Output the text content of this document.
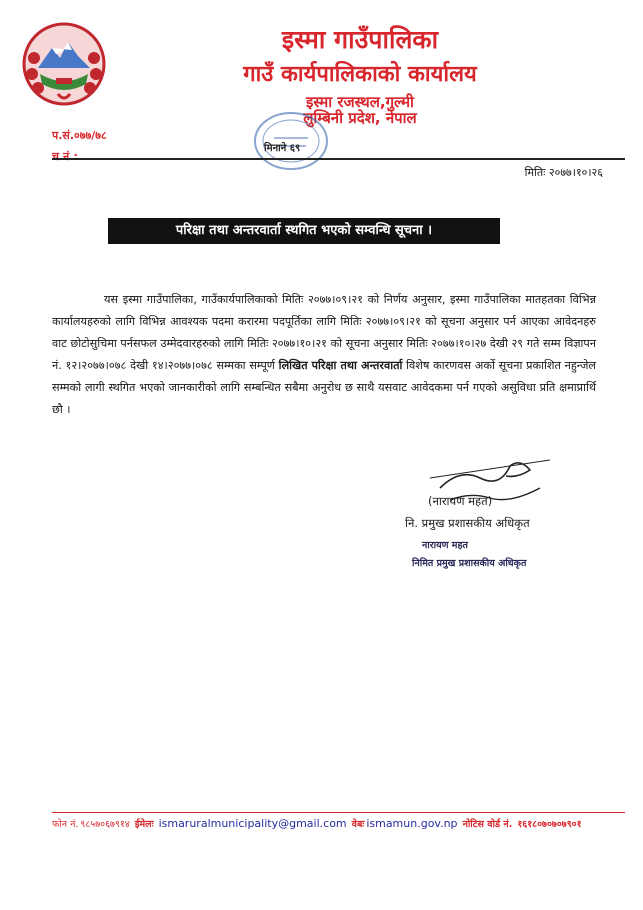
इस्मा गाउँपालिका
गाउँ कार्यपालिकाको कार्यालय
इस्मा रजस्थल,गुल्मी
लुम्बिनी प्रदेश, नेपाल
प.सं.०७७/७८
च.नं.:
मिनाने ६९
मितिः २०७७।१०।२६
परिक्षा तथा अन्तरवार्ता स्थगित भएको सम्वन्धि सूचना ।

यस इस्मा गाउँपालिका, गाउँकार्यपालिकाको मितिः २०७७।०९।२१ को निर्णय अनुसार, इस्मा गाउँपालिका मातहतका विभिन्न कार्यालयहरुको लागि विभिन्न आवश्यक पदमा करारमा पदपूर्तिका लागि मितिः २०७७।०९।२१ को सूचना अनुसार पर्न आएका आवेदनहरु वाट छोटोसुचिमा पर्नसफल उम्मेदवारहरुको लागि मितिः २०७७।१०।२१ को सूचना अनुसार मितिः २०७७।१०।२७ देखी २९ गते सम्म विज्ञापन नं. १२।२०७७।०७८ देखी १४।२०७७।०७८ सम्मका सम्पूर्ण लिखित परिक्षा तथा अन्तरवार्ता विशेष कारणवस अर्को सूचना प्रकाशित नहुन्जेल सम्मको लागी स्थगित भएको जानकारीको लागि सम्बन्धित सबैमा अनुरोध छ साथै यसवाट आवेदकमा पर्न गएको असुविधा प्रति क्षमाप्रार्थि छौ ।

(नारायण महत)
नि. प्रमुख प्रशासकीय अधिकृत
नारायण महत
निमित प्रमुख प्रशासकीय अधिकृत
फोन नं. ९८५७०६७९१४ ईमेलः ismaruralmunicipality@gmail.com वेबः ismamun.gov.np नोटिस वोर्ड नं. १६१८०७०७०७९०१
